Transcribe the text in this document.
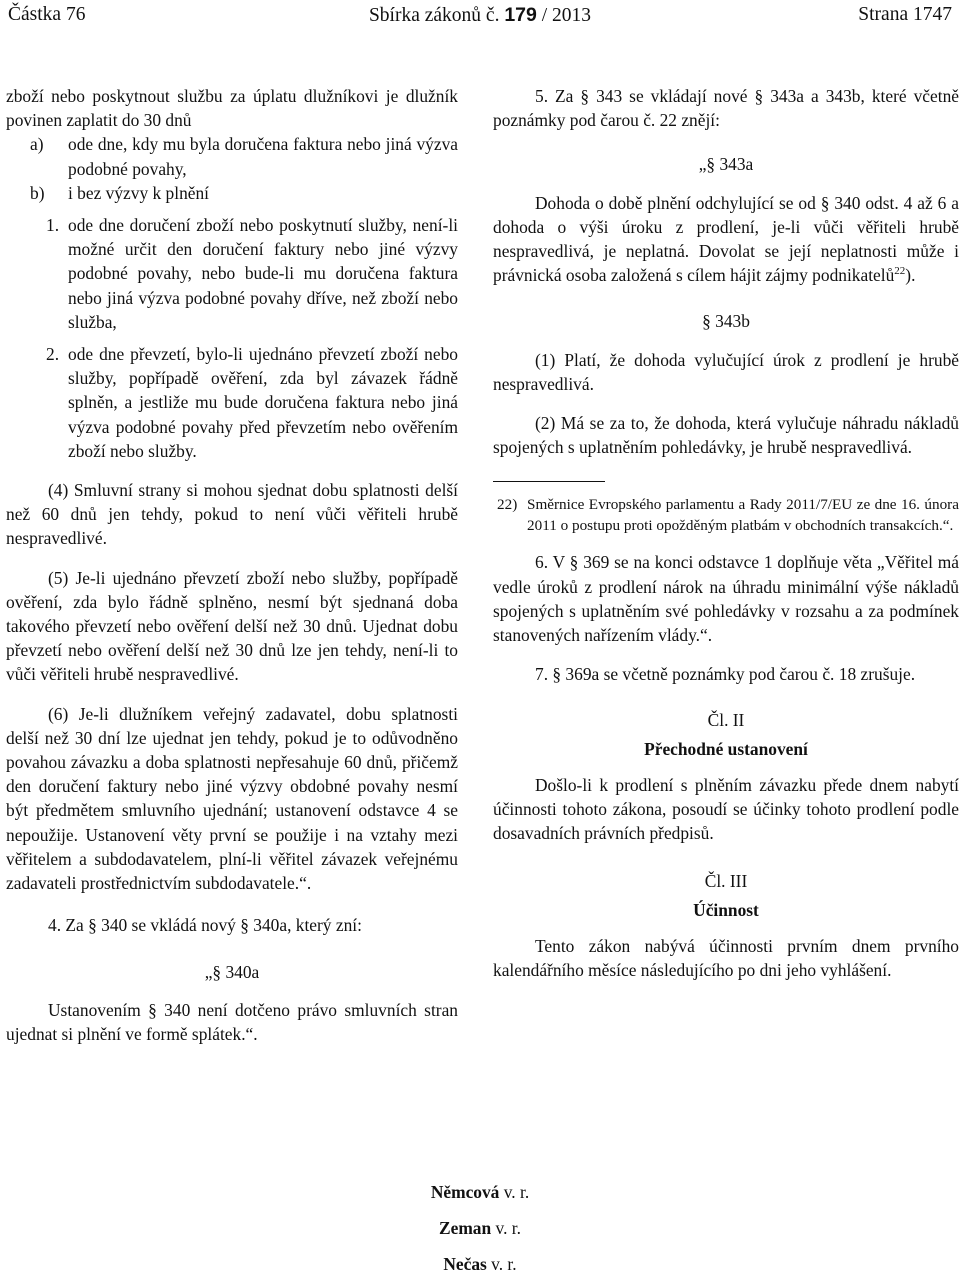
Částka 76	Sbírka zákonů č. 179 / 2013	Strana 1747

zboží nebo poskytnout službu za úplatu dlužníkovi je dlužník povinen zaplatit do 30 dnů

a) ode dne, kdy mu byla doručena faktura nebo jiná výzva podobné povahy,
b) i bez výzvy k plnění
1. ode dne doručení zboží nebo poskytnutí služby, není-li možné určit den doručení faktury nebo jiné výzvy podobné povahy, nebo bude-li mu doručena faktura nebo jiná výzva podobné povahy dříve, než zboží nebo služba,
2. ode dne převzetí, bylo-li ujednáno převzetí zboží nebo služby, popřípadě ověření, zda byl závazek řádně splněn, a jestliže mu bude doručena faktura nebo jiná výzva podobné povahy před převzetím nebo ověřením zboží nebo služby.

(4) Smluvní strany si mohou sjednat dobu splatnosti delší než 60 dnů jen tehdy, pokud to není vůči věřiteli hrubě nespravedlivé.

(5) Je-li ujednáno převzetí zboží nebo služby, popřípadě ověření, zda bylo řádně splněno, nesmí být sjednaná doba takového převzetí nebo ověření delší než 30 dnů. Ujednat dobu převzetí nebo ověření delší než 30 dnů lze jen tehdy, není-li to vůči věřiteli hrubě nespravedlivé.

(6) Je-li dlužníkem veřejný zadavatel, dobu splatnosti delší než 30 dní lze ujednat jen tehdy, pokud je to odůvodněno povahou závazku a doba splatnosti nepřesahuje 60 dnů, přičemž den doručení faktury nebo jiné výzvy obdobné povahy nesmí být předmětem smluvního ujednání; ustanovení odstavce 4 se nepoužije. Ustanovení věty první se použije i na vztahy mezi věřitelem a subdodavatelem, plní-li věřitel závazek veřejnému zadavateli prostřednictvím subdodavatele.“.

4. Za § 340 se vkládá nový § 340a, který zní:

„§ 340a

Ustanovením § 340 není dotčeno právo smluvních stran ujednat si plnění ve formě splátek.“.

5. Za § 343 se vkládají nové § 343a a 343b, které včetně poznámky pod čarou č. 22 znějí:

„§ 343a

Dohoda o době plnění odchylující se od § 340 odst. 4 až 6 a dohoda o výši úroku z prodlení, je-li vůči věřiteli hrubě nespravedlivá, je neplatná. Dovolat se její neplatnosti může i právnická osoba založená s cílem hájit zájmy podnikatelů$^{22}$).

§ 343b

(1) Platí, že dohoda vylučující úrok z prodlení je hrubě nespravedlivá.

(2) Má se za to, že dohoda, která vylučuje náhradu nákladů spojených s uplatněním pohledávky, je hrubě nespravedlivá.

22) Směrnice Evropského parlamentu a Rady 2011/7/EU ze dne 16. února 2011 o postupu proti opožděným platbám v obchodních transakcích.“.

6. V § 369 se na konci odstavce 1 doplňuje věta „Věřitel má vedle úroků z prodlení nárok na úhradu minimální výše nákladů spojených s uplatněním své pohledávky v rozsahu a za podmínek stanovených nařízením vlády.“.

7. § 369a se včetně poznámky pod čarou č. 18 zrušuje.

Čl. II

Přechodné ustanovení

Došlo-li k prodlení s plněním závazku přede dnem nabytí účinnosti tohoto zákona, posoudí se účinky tohoto prodlení podle dosavadních právních předpisů.

Čl. III

Účinnost

Tento zákon nabývá účinnosti prvním dnem prvního kalendářního měsíce následujícího po dni jeho vyhlášení.

Němcová v. r.
Zeman v. r.
Nečas v. r.
